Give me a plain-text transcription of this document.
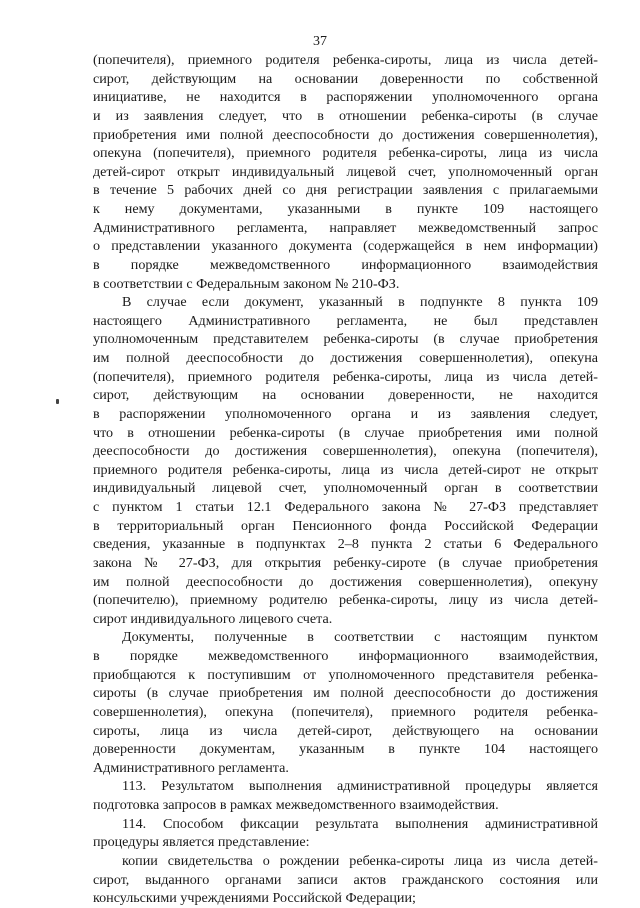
37
(попечителя), приемного родителя ребенка-сироты, лица из числа детей-
сирот, действующим на основании доверенности по собственной
инициативе, не находится в распоряжении уполномоченного органа
и из заявления следует, что в отношении ребенка-сироты (в случае
приобретения ими полной дееспособности до достижения совершеннолетия),
опекуна (попечителя), приемного родителя ребенка-сироты, лица из числа
детей-сирот открыт индивидуальный лицевой счет, уполномоченный орган
в течение 5 рабочих дней со дня регистрации заявления с прилагаемыми
к нему документами, указанными в пункте 109 настоящего
Административного регламента, направляет межведомственный запрос
о представлении указанного документа (содержащейся в нем информации)
в порядке межведомственного информационного взаимодействия
в соответствии с Федеральным законом № 210-ФЗ.
В случае если документ, указанный в подпункте 8 пункта 109
настоящего Административного регламента, не был представлен
уполномоченным представителем ребенка-сироты (в случае приобретения
им полной дееспособности до достижения совершеннолетия), опекуна
(попечителя), приемного родителя ребенка-сироты, лица из числа детей-
сирот, действующим на основании доверенности, не находится
в распоряжении уполномоченного органа и из заявления следует,
что в отношении ребенка-сироты (в случае приобретения ими полной
дееспособности до достижения совершеннолетия), опекуна (попечителя),
приемного родителя ребенка-сироты, лица из числа детей-сирот не открыт
индивидуальный лицевой счет, уполномоченный орган в соответствии
с пунктом 1 статьи 12.1 Федерального закона № 27-ФЗ представляет
в территориальный орган Пенсионного фонда Российской Федерации
сведения, указанные в подпунктах 2–8 пункта 2 статьи 6 Федерального
закона № 27-ФЗ, для открытия ребенку-сироте (в случае приобретения
им полной дееспособности до достижения совершеннолетия), опекуну
(попечителю), приемному родителю ребенка-сироты, лицу из числа детей-
сирот индивидуального лицевого счета.
Документы, полученные в соответствии с настоящим пунктом
в порядке межведомственного информационного взаимодействия,
приобщаются к поступившим от уполномоченного представителя ребенка-
сироты (в случае приобретения им полной дееспособности до достижения
совершеннолетия), опекуна (попечителя), приемного родителя ребенка-
сироты, лица из числа детей-сирот, действующего на основании
доверенности документам, указанным в пункте 104 настоящего
Административного регламента.
113. Результатом выполнения административной процедуры является
подготовка запросов в рамках межведомственного взаимодействия.
114. Способом фиксации результата выполнения административной
процедуры является представление:
копии свидетельства о рождении ребенка-сироты лица из числа детей-
сирот, выданного органами записи актов гражданского состояния или
консульскими учреждениями Российской Федерации;
